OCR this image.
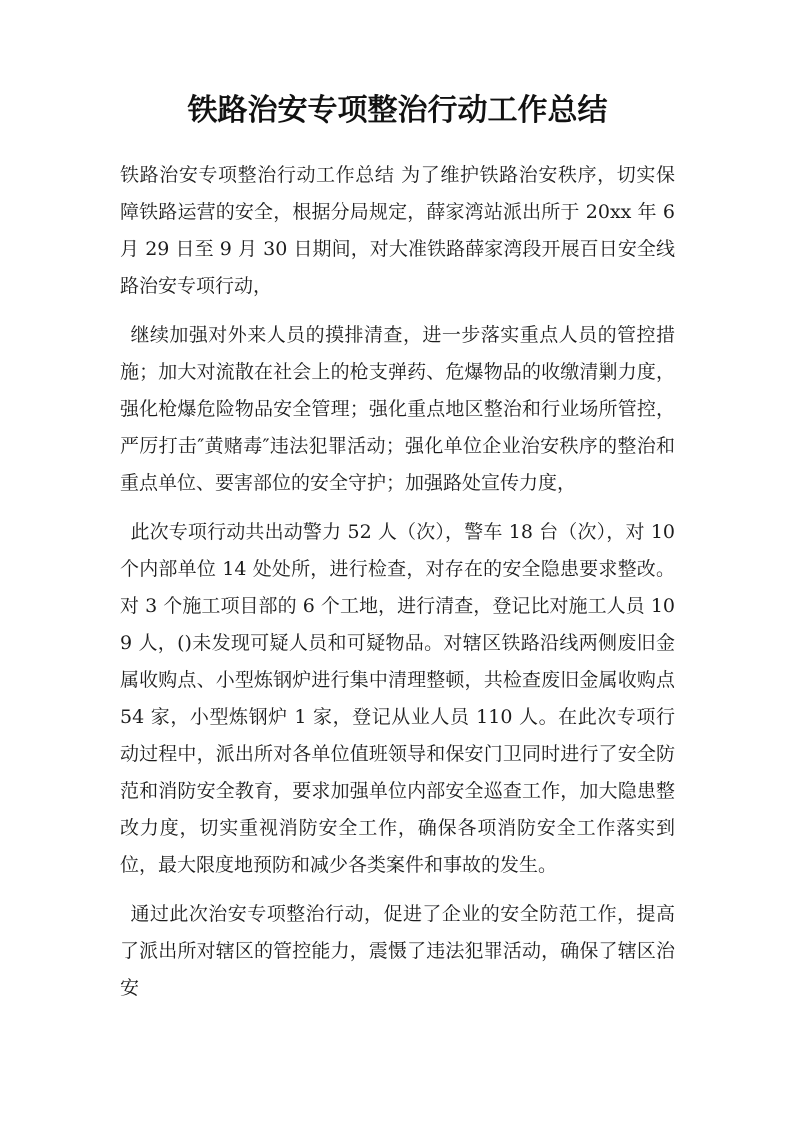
铁路治安专项整治行动工作总结

铁路治安专项整治行动工作总结 为了维护铁路治安秩序，切实保障铁路运营的安全，根据分局规定，薛家湾站派出所于 20xx 年 6 月 29 日至 9 月 30 日期间，对大准铁路薛家湾段开展百日安全线路治安专项行动，

继续加强对外来人员的摸排清查，进一步落实重点人员的管控措施；加大对流散在社会上的枪支弹药、危爆物品的收缴清剿力度，强化枪爆危险物品安全管理；强化重点地区整治和行业场所管控，严厉打击″黄赌毒″违法犯罪活动；强化单位企业治安秩序的整治和重点单位、要害部位的安全守护；加强路处宣传力度，

此次专项行动共出动警力 52 人（次），警车 18 台（次），对 10 个内部单位 14 处处所，进行检查，对存在的安全隐患要求整改。对 3 个施工项目部的 6 个工地，进行清查，登记比对施工人员 109 人，()未发现可疑人员和可疑物品。对辖区铁路沿线两侧废旧金属收购点、小型炼钢炉进行集中清理整顿，共检查废旧金属收购点 54 家，小型炼钢炉 1 家，登记从业人员 110 人。在此次专项行动过程中，派出所对各单位值班领导和保安门卫同时进行了安全防范和消防安全教育，要求加强单位内部安全巡查工作，加大隐患整改力度，切实重视消防安全工作，确保各项消防安全工作落实到位，最大限度地预防和减少各类案件和事故的发生。

通过此次治安专项整治行动，促进了企业的安全防范工作，提高了派出所对辖区的管控能力，震慑了违法犯罪活动，确保了辖区治安
